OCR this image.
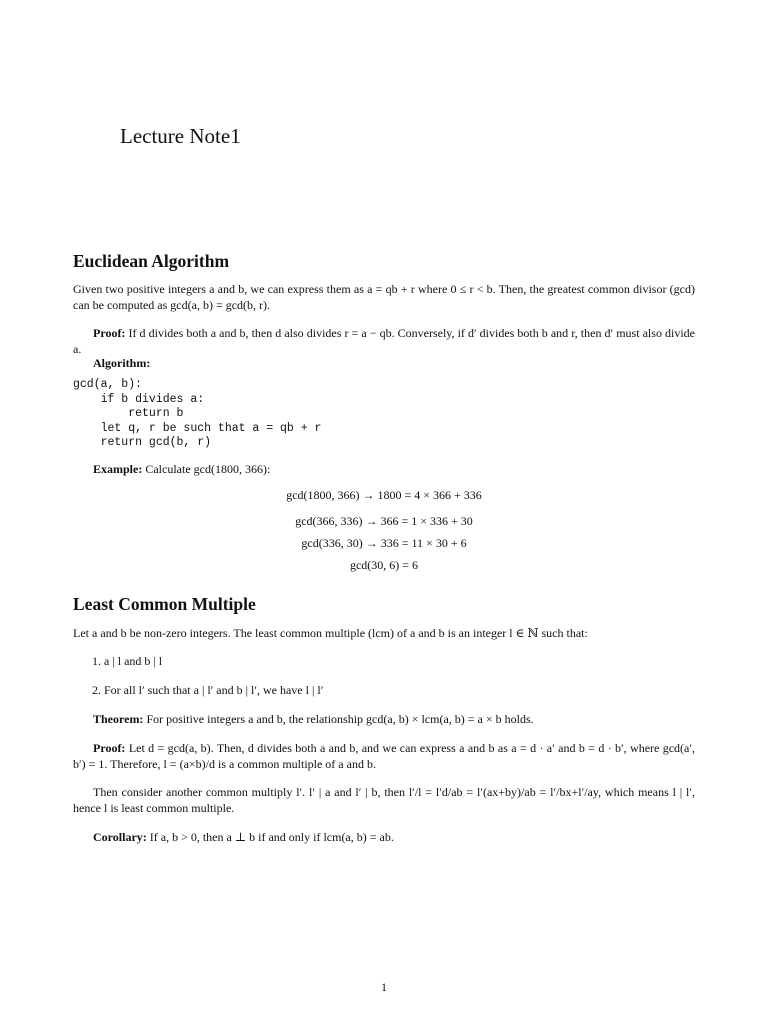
Lecture Note1
Euclidean Algorithm
Given two positive integers a and b, we can express them as a = qb + r where 0 ≤ r < b. Then, the greatest common divisor (gcd) can be computed as gcd(a, b) = gcd(b, r).
Proof: If d divides both a and b, then d also divides r = a − qb. Conversely, if d′ divides both b and r, then d′ must also divide a.
Algorithm:
gcd(a, b):
if b divides a:
return b
let q, r be such that a = qb + r
return gcd(b, r)
Example: Calculate gcd(1800, 366):
gcd(1800, 366) → 1800 = 4 × 366 + 336
gcd(366, 336) → 366 = 1 × 336 + 30
gcd(336, 30) → 336 = 11 × 30 + 6
gcd(30, 6) = 6
Least Common Multiple
Let a and b be non-zero integers. The least common multiple (lcm) of a and b is an integer l ∈ ℕ such that:
1. a | l and b | l
2. For all l′ such that a | l′ and b | l′, we have l | l′
Theorem: For positive integers a and b, the relationship gcd(a, b) × lcm(a, b) = a × b holds.
Proof: Let d = gcd(a, b). Then, d divides both a and b, and we can express a and b as a = d · a′ and b = d · b′, where gcd(a′, b′) = 1. Therefore, l = (a×b)/d is a common multiple of a and b.
Then consider another common multiply l′. l′ | a and l′ | b, then l′/l = l′d/ab = l′(ax+by)/ab = l′/bx+l′/ay, which means l | l′, hence l is least common multiple.
Corollary: If a, b > 0, then a ⊥ b if and only if lcm(a, b) = ab.
1
